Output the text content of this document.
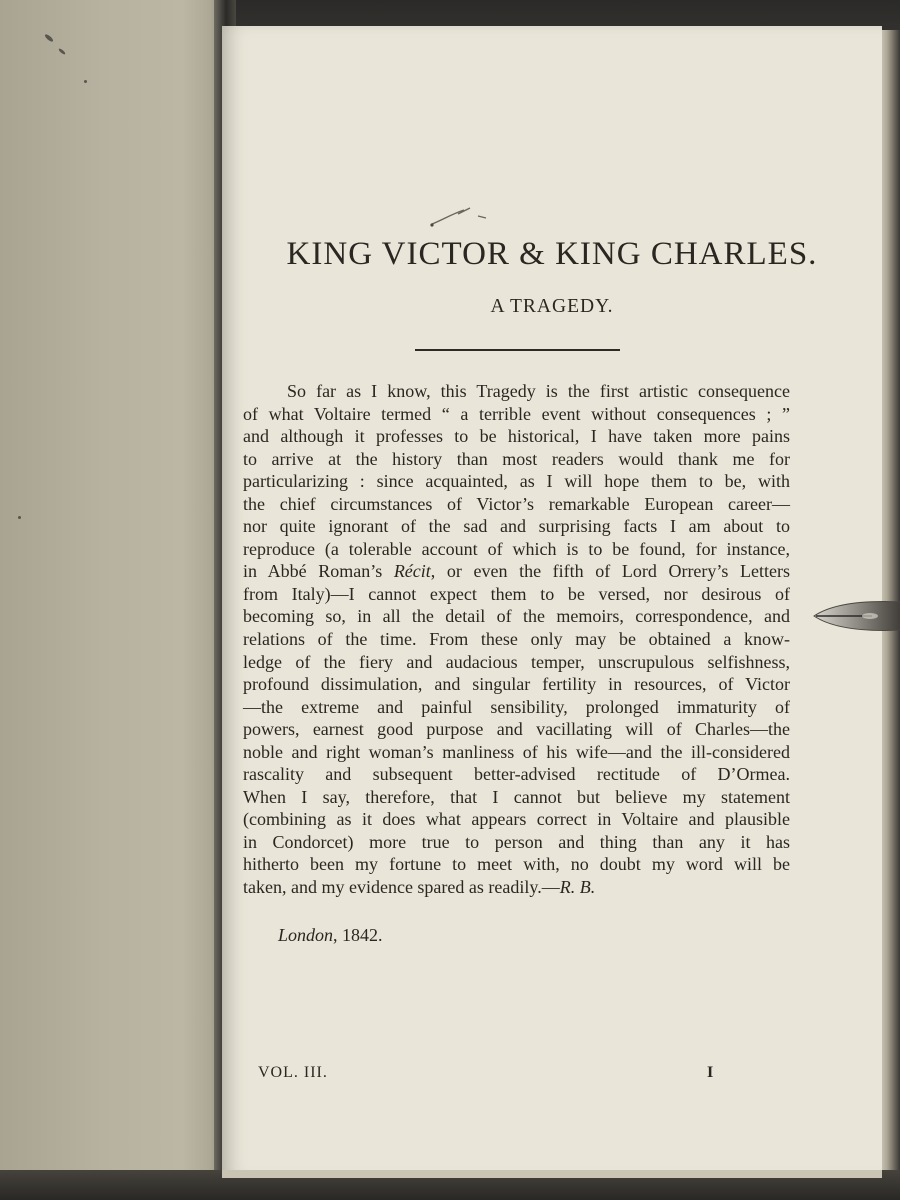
KING VICTOR & KING CHARLES.
A TRAGEDY.
So far as I know, this Tragedy is the first artistic consequence
of what Voltaire termed “ a terrible event without consequences ; ”
and although it professes to be historical, I have taken more pains
to arrive at the history than most readers would thank me for
particularizing : since acquainted, as I will hope them to be, with
the chief circumstances of Victor’s remarkable European career—
nor quite ignorant of the sad and surprising facts I am about to
reproduce (a tolerable account of which is to be found, for instance,
in Abbé Roman’s Récit, or even the fifth of Lord Orrery’s Letters
from Italy)—I cannot expect them to be versed, nor desirous of
becoming so, in all the detail of the memoirs, correspondence, and
relations of the time. From these only may be obtained a know-
ledge of the fiery and audacious temper, unscrupulous selfishness,
profound dissimulation, and singular fertility in resources, of Victor
—the extreme and painful sensibility, prolonged immaturity of
powers, earnest good purpose and vacillating will of Charles—the
noble and right woman’s manliness of his wife—and the ill-considered
rascality and subsequent better-advised rectitude of D’Ormea.
When I say, therefore, that I cannot but believe my statement
(combining as it does what appears correct in Voltaire and plausible
in Condorcet) more true to person and thing than any it has
hitherto been my fortune to meet with, no doubt my word will be
taken, and my evidence spared as readily.—R. B.
London, 1842.
VOL. III.	I
